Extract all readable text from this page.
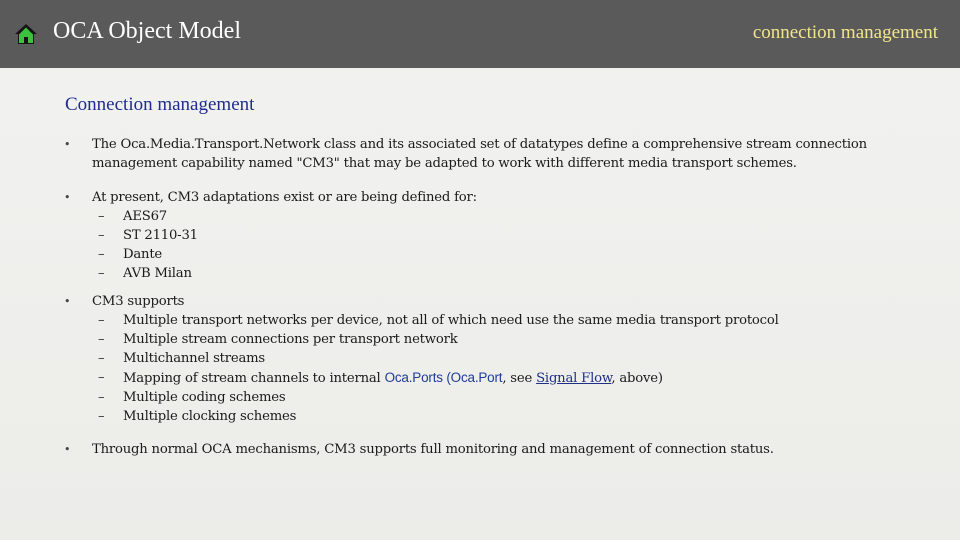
OCA Object Model	connection management
Connection management
• The Oca.Media.Transport.Network class and its associated set of datatypes define a comprehensive stream connection management capability named "CM3" that may be adapted to work with different media transport schemes.
• At present, CM3 adaptations exist or are being defined for:
– AES67
– ST 2110-31
– Dante
– AVB Milan
• CM3 supports
– Multiple transport networks per device, not all of which need use the same media transport protocol
– Multiple stream connections per transport network
– Multichannel streams
– Mapping of stream channels to internal Oca.Ports (Oca.Port, see Signal Flow, above)
– Multiple coding schemes
– Multiple clocking schemes
• Through normal OCA mechanisms, CM3 supports full monitoring and management of connection status.
